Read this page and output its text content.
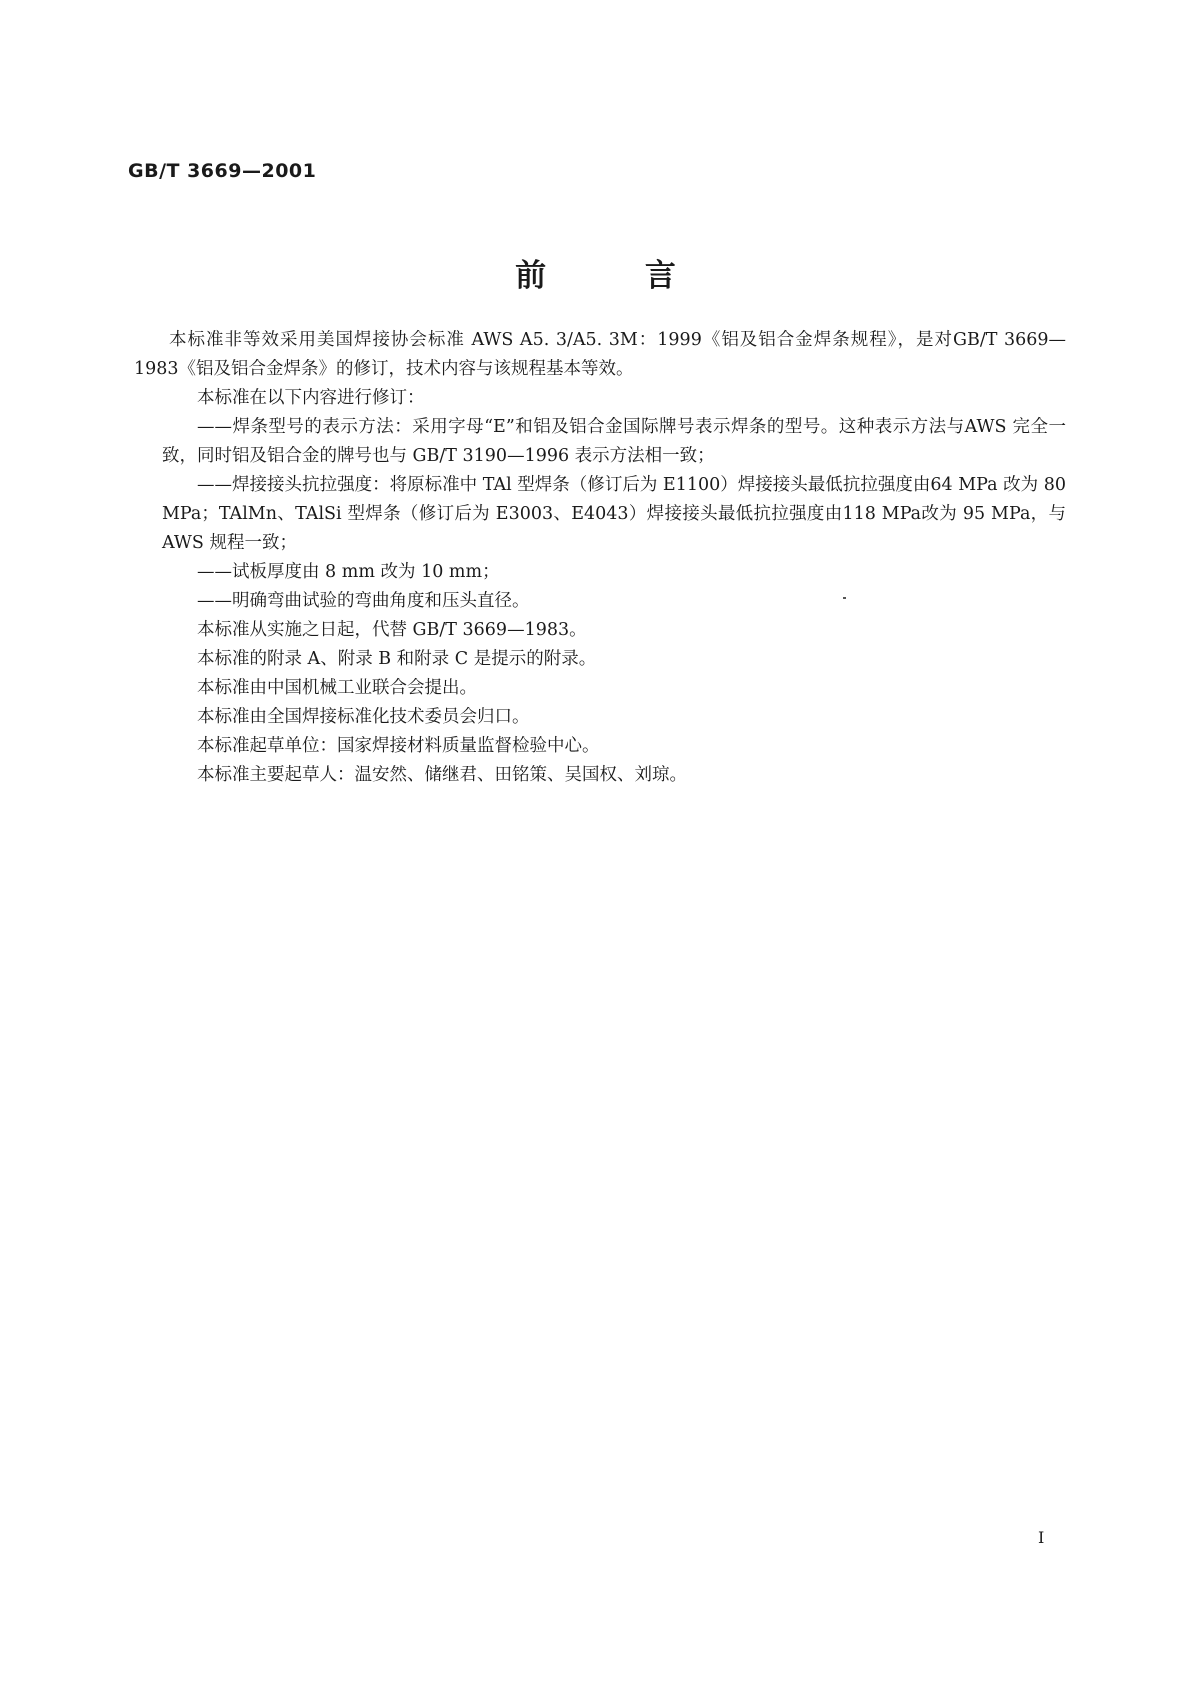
GB/T 3669—2001
前 言

本标准非等效采用美国焊接协会标准 AWS A5. 3/A5. 3M：1999《铝及铝合金焊条规程》，是对GB/T 3669—1983《铝及铝合金焊条》的修订，技术内容与该规程基本等效。

本标准在以下内容进行修订：

——焊条型号的表示方法：采用字母“E”和铝及铝合金国际牌号表示焊条的型号。这种表示方法与AWS 完全一致，同时铝及铝合金的牌号也与 GB/T 3190—1996 表示方法相一致；

——焊接接头抗拉强度：将原标准中 TAl 型焊条（修订后为 E1100）焊接接头最低抗拉强度由64 MPa 改为 80 MPa；TAlMn、TAlSi 型焊条（修订后为 E3003、E4043）焊接接头最低抗拉强度由118 MPa改为 95 MPa，与 AWS 规程一致；

——试板厚度由 8 mm 改为 10 mm；

——明确弯曲试验的弯曲角度和压头直径。

本标准从实施之日起，代替 GB/T 3669—1983。

本标准的附录 A、附录 B 和附录 C 是提示的附录。

本标准由中国机械工业联合会提出。

本标准由全国焊接标准化技术委员会归口。

本标准起草单位：国家焊接材料质量监督检验中心。

本标准主要起草人：温安然、储继君、田铭策、吴国权、刘琼。

I
